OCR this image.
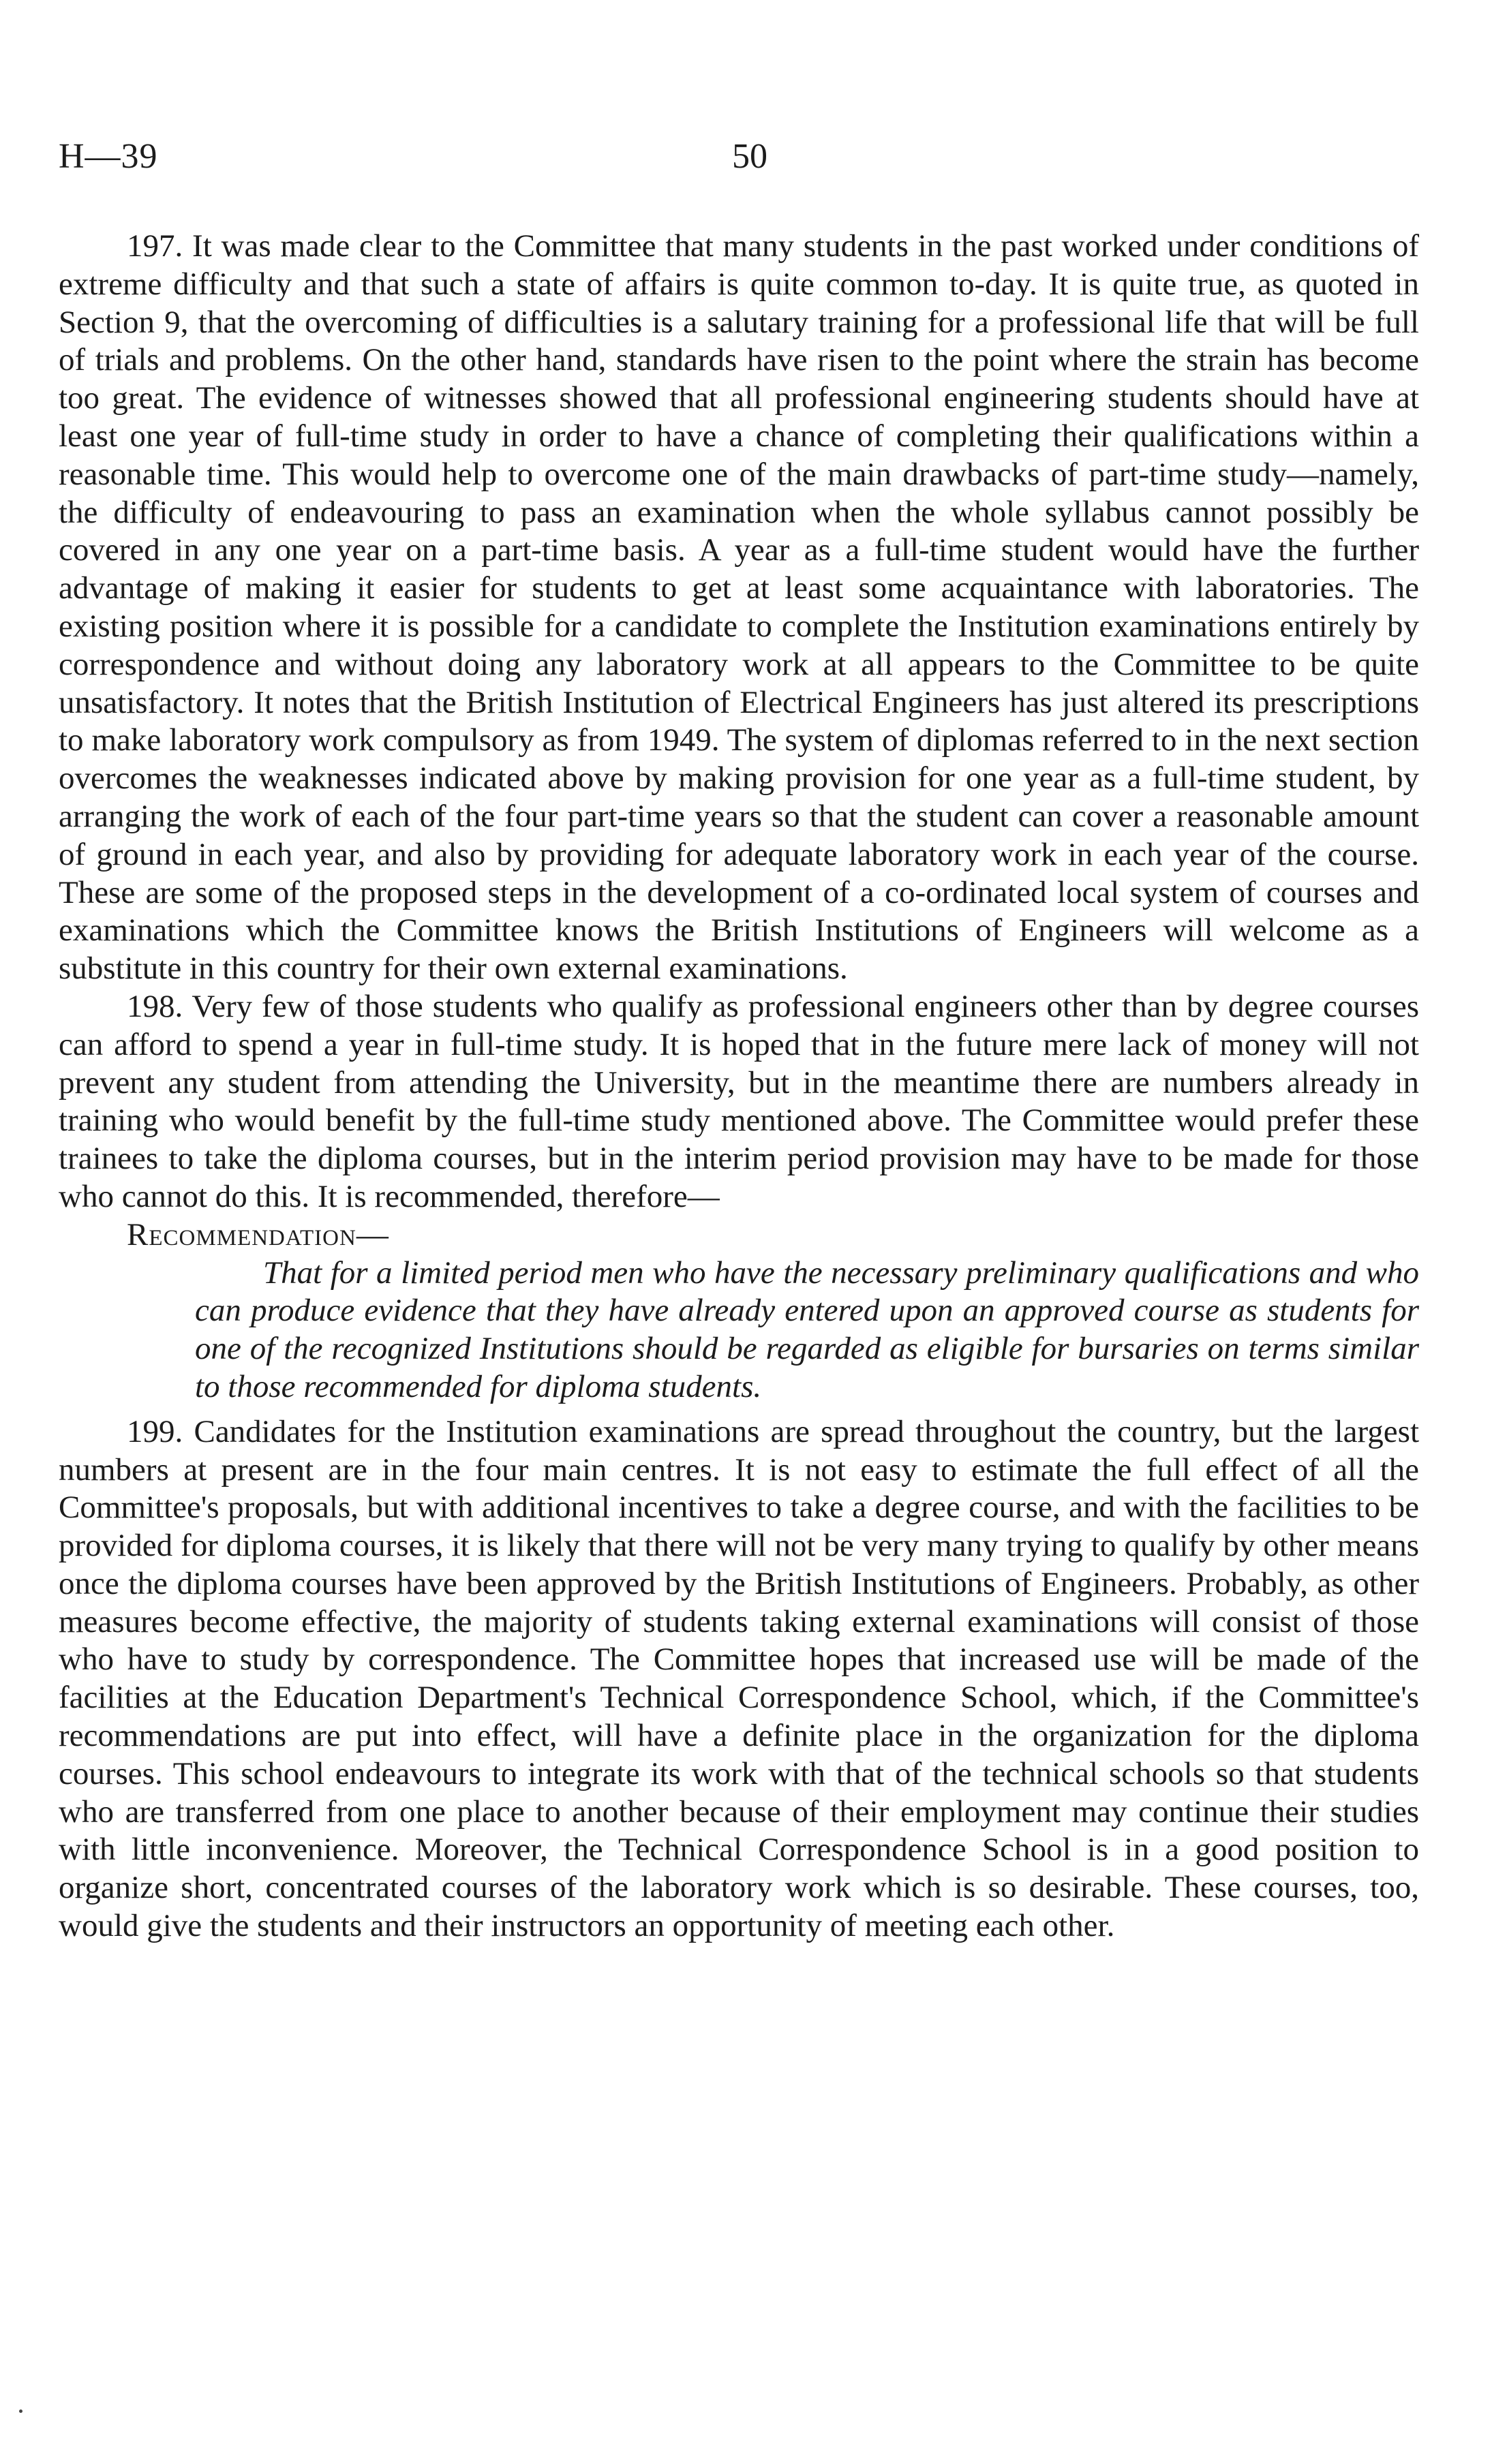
H—39	50

197. It was made clear to the Committee that many students in the past worked under conditions of extreme difficulty and that such a state of affairs is quite common to-day. It is quite true, as quoted in Section 9, that the overcoming of difficulties is a salutary training for a professional life that will be full of trials and problems. On the other hand, standards have risen to the point where the strain has become too great. The evidence of witnesses showed that all professional engineering students should have at least one year of full-time study in order to have a chance of completing their qualifications within a reasonable time. This would help to overcome one of the main drawbacks of part-time study—namely, the difficulty of endeavouring to pass an examination when the whole syllabus cannot possibly be covered in any one year on a part-time basis. A year as a full-time student would have the further advantage of making it easier for students to get at least some acquaintance with laboratories. The existing position where it is possible for a candidate to complete the Institution examinations entirely by correspondence and without doing any laboratory work at all appears to the Committee to be quite unsatisfactory. It notes that the British Institution of Electrical Engineers has just altered its prescriptions to make laboratory work compulsory as from 1949. The system of diplomas referred to in the next section overcomes the weaknesses indicated above by making provision for one year as a full-time student, by arranging the work of each of the four part-time years so that the student can cover a reasonable amount of ground in each year, and also by providing for adequate laboratory work in each year of the course. These are some of the proposed steps in the development of a co-ordinated local system of courses and examinations which the Committee knows the British Institutions of Engineers will welcome as a substitute in this country for their own external examinations.

198. Very few of those students who qualify as professional engineers other than by degree courses can afford to spend a year in full-time study. It is hoped that in the future mere lack of money will not prevent any student from attending the University, but in the meantime there are numbers already in training who would benefit by the full-time study mentioned above. The Committee would prefer these trainees to take the diploma courses, but in the interim period provision may have to be made for those who cannot do this. It is recommended, therefore—

Recommendation—

That for a limited period men who have the necessary preliminary qualifications and who can produce evidence that they have already entered upon an approved course as students for one of the recognized Institutions should be regarded as eligible for bursaries on terms similar to those recommended for diploma students.

199. Candidates for the Institution examinations are spread throughout the country, but the largest numbers at present are in the four main centres. It is not easy to estimate the full effect of all the Committee's proposals, but with additional incentives to take a degree course, and with the facilities to be provided for diploma courses, it is likely that there will not be very many trying to qualify by other means once the diploma courses have been approved by the British Institutions of Engineers. Probably, as other measures become effective, the majority of students taking external examinations will consist of those who have to study by correspondence. The Committee hopes that increased use will be made of the facilities at the Education Department's Technical Correspondence School, which, if the Committee's recommendations are put into effect, will have a definite place in the organization for the diploma courses. This school endeavours to integrate its work with that of the technical schools so that students who are transferred from one place to another because of their employment may continue their studies with little inconvenience. Moreover, the Technical Correspondence School is in a good position to organize short, concentrated courses of the laboratory work which is so desirable. These courses, too, would give the students and their instructors an opportunity of meeting each other.
